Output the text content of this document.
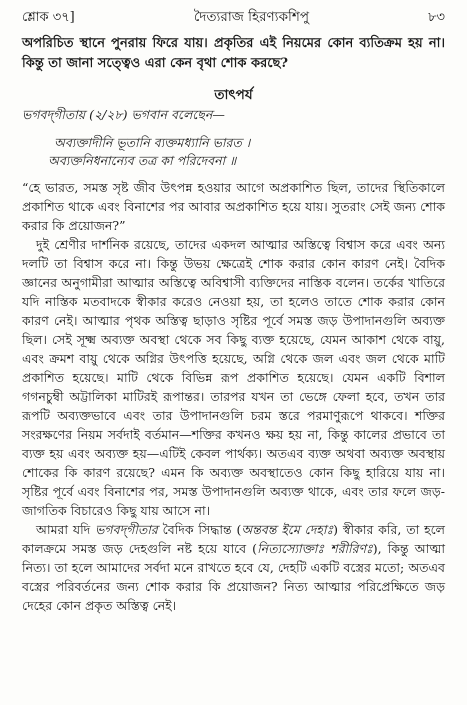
শ্লোক ৩৭]	দৈত্যরাজ হিরণ্যকশিপু	৮৩
অপরিচিত স্থানে পুনরায় ফিরে যায়। প্রকৃতির এই নিয়মের কোন ব্যতিক্রম হয় না। কিন্তু তা জানা সত্ত্বেও এরা কেন বৃথা শোক করছে?
তাৎপর্য
ভগবদ্‌গীতায় (২/২৮) ভগবান বলেছেন—
অব্যক্তাদীনি ভূতানি ব্যক্তমধ্যানি ভারত ।
অব্যক্তনিধনান্যেব তত্র কা পরিদেবনা ॥
“হে ভারত, সমস্ত সৃষ্ট জীব উৎপন্ন হওয়ার আগে অপ্রকাশিত ছিল, তাদের স্থিতিকালে প্রকাশিত থাকে এবং বিনাশের পর আবার অপ্রকাশিত হয়ে যায়। সুতরাং সেই জন্য শোক করার কি প্রয়োজন?”

দুই শ্রেণীর দার্শনিক রয়েছে, তাদের একদল আত্মার অস্তিত্বে বিশ্বাস করে এবং অন্য দলটি তা বিশ্বাস করে না। কিন্তু উভয় ক্ষেত্রেই শোক করার কোন কারণ নেই। বৈদিক জ্ঞানের অনুগামীরা আত্মার অস্তিত্বে অবিশ্বাসী ব্যক্তিদের নাস্তিক বলেন। তর্কের খাতিরে যদি নাস্তিক মতবাদকে স্বীকার করেও নেওয়া হয়, তা হলেও তাতে শোক করার কোন কারণ নেই। আত্মার পৃথক অস্তিত্ব ছাড়াও সৃষ্টির পূর্বে সমস্ত জড় উপাদানগুলি অব্যক্ত ছিল। সেই সূক্ষ্ম অব্যক্ত অবস্থা থেকে সব কিছু ব্যক্ত হয়েছে, যেমন আকাশ থেকে বায়ু, এবং ক্রমশ বায়ু থেকে অগ্নির উৎপত্তি হয়েছে, অগ্নি থেকে জল এবং জল থেকে মাটি প্রকাশিত হয়েছে। মাটি থেকে বিভিন্ন রূপ প্রকাশিত হয়েছে। যেমন একটি বিশাল গগনচুম্বী অট্টালিকা মাটিরই রূপান্তর। তারপর যখন তা ভেঙ্গে ফেলা হবে, তখন তার রূপটি অব্যক্তভাবে এবং তার উপাদানগুলি চরম স্তরে পরমাণুরূপে থাকবে। শক্তির সংরক্ষণের নিয়ম সর্বদাই বর্তমান—শক্তির কখনও ক্ষয় হয় না, কিন্তু কালের প্রভাবে তা ব্যক্ত হয় এবং অব্যক্ত হয়—এটিই কেবল পার্থক্য। অতএব ব্যক্ত অথবা অব্যক্ত অবস্থায় শোকের কি কারণ রয়েছে? এমন কি অব্যক্ত অবস্থাতেও কোন কিছু হারিয়ে যায় না। সৃষ্টির পূর্বে এবং বিনাশের পর, সমস্ত উপাদানগুলি অব্যক্ত থাকে, এবং তার ফলে জড়-জাগতিক বিচারেও কিছু যায় আসে না।

আমরা যদি ভগবদ্‌গীতার বৈদিক সিদ্ধান্ত (অন্তবন্ত ইমে দেহাঃ) স্বীকার করি, তা হলে কালক্রমে সমস্ত জড় দেহগুলি নষ্ট হয়ে যাবে (নিত্যস্যোক্তাঃ শরীরিণঃ), কিন্তু আত্মা নিত্য। তা হলে আমাদের সর্বদা মনে রাখতে হবে যে, দেহটি একটি বস্ত্রের মতো; অতএব বস্ত্রের পরিবর্তনের জন্য শোক করার কি প্রয়োজন? নিত্য আত্মার পরিপ্রেক্ষিতে জড় দেহের কোন প্রকৃত অস্তিত্ব নেই।
